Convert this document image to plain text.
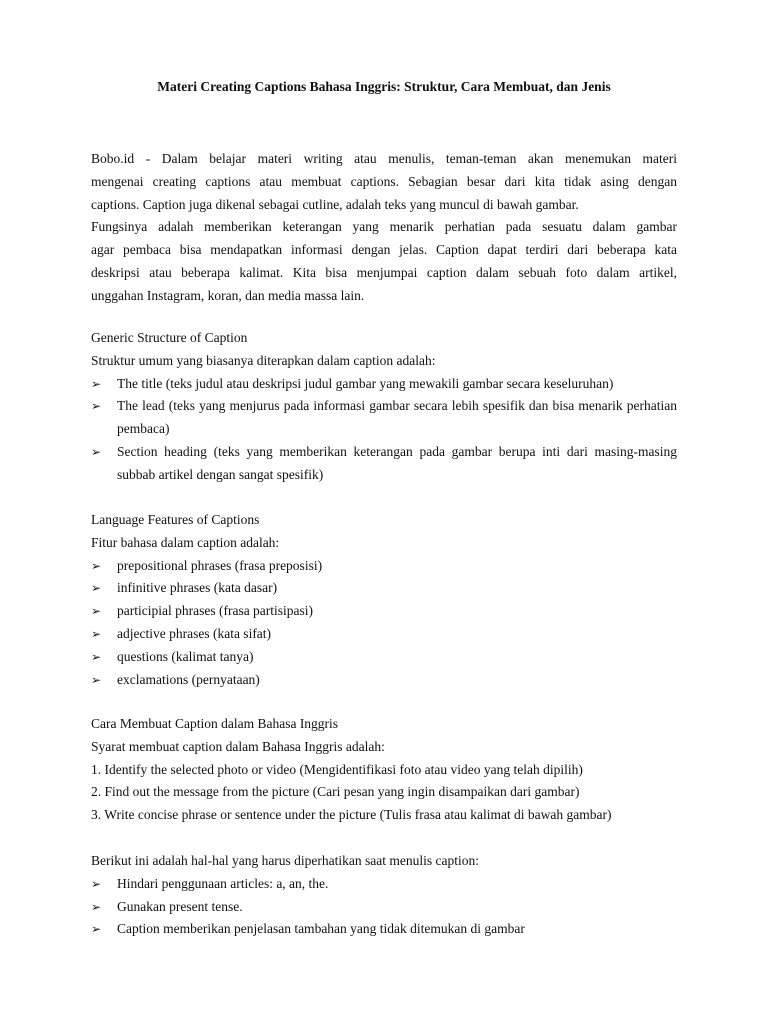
Materi Creating Captions Bahasa Inggris: Struktur, Cara Membuat, dan Jenis
Bobo.id - Dalam belajar materi writing atau menulis, teman-teman akan menemukan materi
mengenai creating captions atau membuat captions. Sebagian besar dari kita tidak asing dengan
captions. Caption juga dikenal sebagai cutline, adalah teks yang muncul di bawah gambar.
Fungsinya adalah memberikan keterangan yang menarik perhatian pada sesuatu dalam gambar
agar pembaca bisa mendapatkan informasi dengan jelas. Caption dapat terdiri dari beberapa kata
deskripsi atau beberapa kalimat. Kita bisa menjumpai caption dalam sebuah foto dalam artikel,
unggahan Instagram, koran, dan media massa lain.
Generic Structure of Caption
Struktur umum yang biasanya diterapkan dalam caption adalah:
➢	The title (teks judul atau deskripsi judul gambar yang mewakili gambar secara keseluruhan)
➢	The lead (teks yang menjurus pada informasi gambar secara lebih spesifik dan bisa menarik perhatian pembaca)
➢	Section heading (teks yang memberikan keterangan pada gambar berupa inti dari masing-masing subbab artikel dengan sangat spesifik)
Language Features of Captions
Fitur bahasa dalam caption adalah:
➢	prepositional phrases (frasa preposisi)
➢	infinitive phrases (kata dasar)
➢	participial phrases (frasa partisipasi)
➢	adjective phrases (kata sifat)
➢	questions (kalimat tanya)
➢	exclamations (pernyataan)
Cara Membuat Caption dalam Bahasa Inggris
Syarat membuat caption dalam Bahasa Inggris adalah:
1. Identify the selected photo or video (Mengidentifikasi foto atau video yang telah dipilih)
2. Find out the message from the picture (Cari pesan yang ingin disampaikan dari gambar)
3. Write concise phrase or sentence under the picture (Tulis frasa atau kalimat di bawah gambar)
Berikut ini adalah hal-hal yang harus diperhatikan saat menulis caption:
➢	Hindari penggunaan articles: a, an, the.
➢	Gunakan present tense.
➢	Caption memberikan penjelasan tambahan yang tidak ditemukan di gambar
